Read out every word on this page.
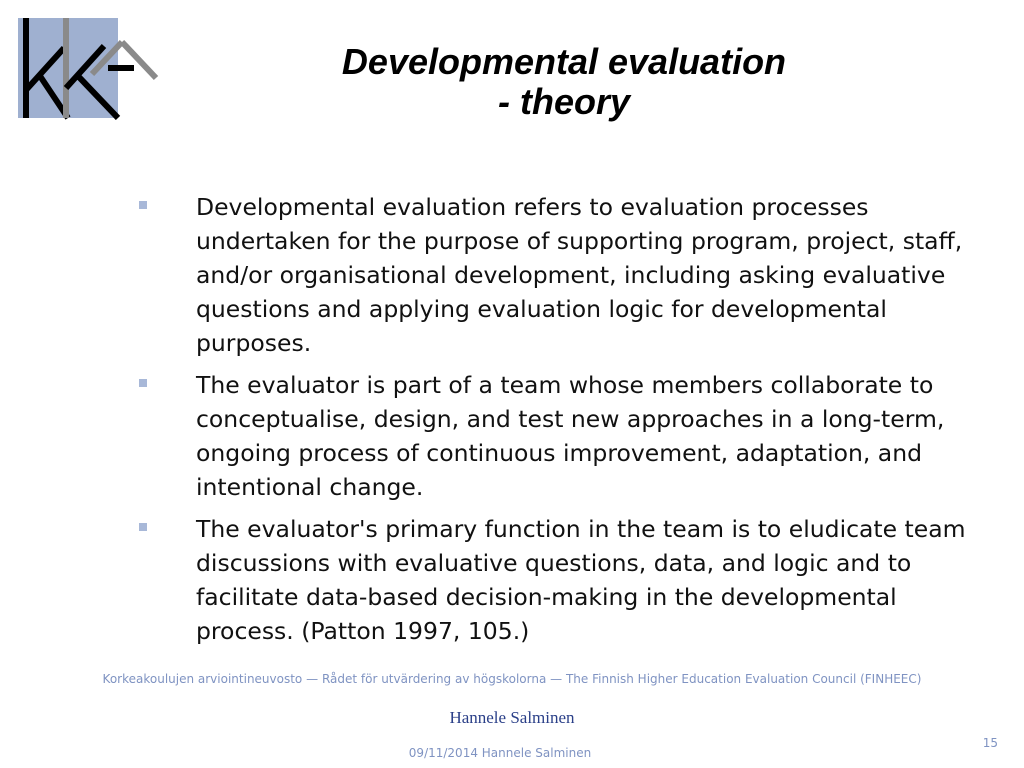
Developmental evaluation
- theory
Developmental evaluation refers to evaluation processes undertaken for the purpose of supporting program, project, staff, and/or organisational development, including asking evaluative questions and applying evaluation logic for developmental purposes.
The evaluator is part of a team whose members collaborate to conceptualise, design, and test new approaches in a long-term, ongoing process of continuous improvement, adaptation, and intentional change.
The evaluator's primary function in the team is to eludicate team discussions with evaluative questions, data, and logic and to facilitate data-based decision-making in the developmental process. (Patton 1997, 105.)
Korkeakoulujen arviointineuvosto — Rådet för utvärdering av högskolorna — The Finnish Higher Education Evaluation Council (FINHEEC)
Hannele Salminen
09/11/2014 Hannele Salminen
15
